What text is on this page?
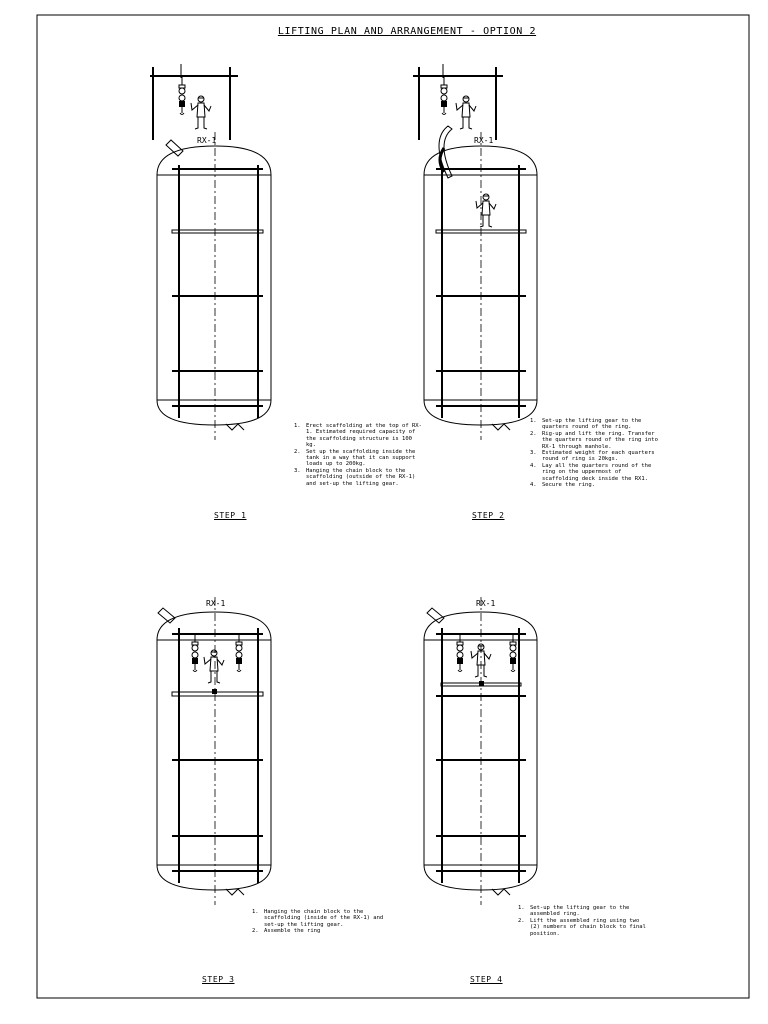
RX-1	RX-1
RX-1	RX-1
LIFTING PLAN AND ARRANGEMENT - OPTION 2
1. Erect scaffolding at the top of RX-1. Estimated required capacity of the scaffolding structure is 100 kg.
2. Set up the scaffolding inside the tank in a way that it can support loads up to 200kg.
3. Hanging the chain block to the scaffolding (outside of the RX-1) and set-up the lifting gear.
STEP 1
1. Set-up the lifting gear to the quarters round of the ring.
2. Rig-up and lift the ring. Transfer the quarters round of the ring into RX-1 through manhole.
3. Estimated weight for each quarters round of ring is 20kgs.
4. Lay all the quarters round of the ring on the uppermost of scaffolding deck inside the RX1.
4. Secure the ring.
STEP 2
1. Hanging the chain block to the scaffolding (inside of the RX-1) and set-up the lifting gear.
2. Assemble the ring
STEP 3
1. Set-up the lifting gear to the assembled ring.
2. Lift the assembled ring using two (2) numbers of chain block to final position.
STEP 4
